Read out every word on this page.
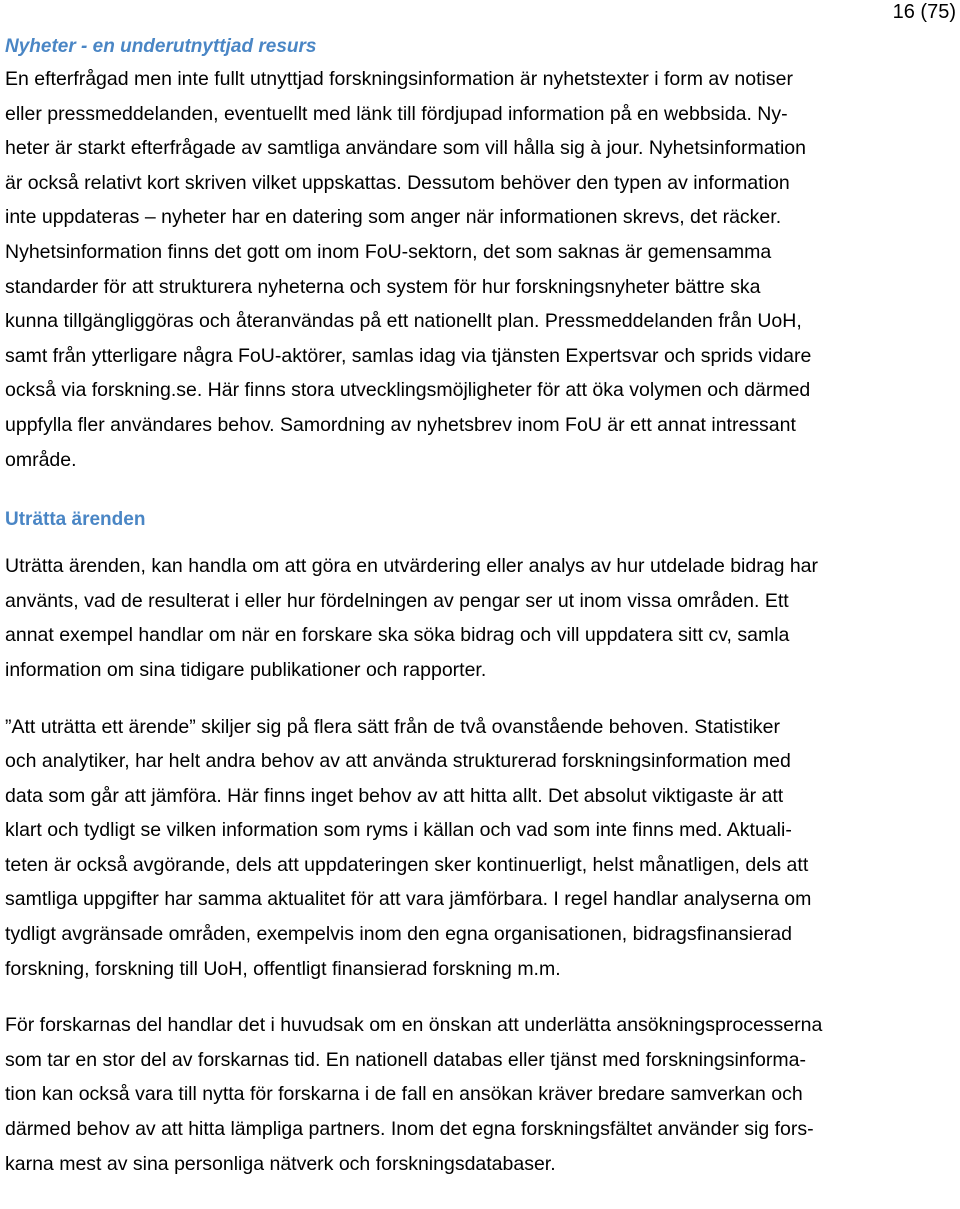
16 (75)
Nyheter - en underutnyttjad resurs

En efterfrågad men inte fullt utnyttjad forskningsinformation är nyhetstexter i form av notiser
eller pressmeddelanden, eventuellt med länk till fördjupad information på en webbsida. Ny-
heter är starkt efterfrågade av samtliga användare som vill hålla sig à jour. Nyhetsinformation
är också relativt kort skriven vilket uppskattas. Dessutom behöver den typen av information
inte uppdateras – nyheter har en datering som anger när informationen skrevs, det räcker.
Nyhetsinformation finns det gott om inom FoU-sektorn, det som saknas är gemensamma
standarder för att strukturera nyheterna och system för hur forskningsnyheter bättre ska
kunna tillgängliggöras och återanvändas på ett nationellt plan. Pressmeddelanden från UoH,
samt från ytterligare några FoU-aktörer, samlas idag via tjänsten Expertsvar och sprids vidare
också via forskning.se. Här finns stora utvecklingsmöjligheter för att öka volymen och därmed
uppfylla fler användares behov. Samordning av nyhetsbrev inom FoU är ett annat intressant
område.

Uträtta ärenden

Uträtta ärenden, kan handla om att göra en utvärdering eller analys av hur utdelade bidrag har
använts, vad de resulterat i eller hur fördelningen av pengar ser ut inom vissa områden. Ett
annat exempel handlar om när en forskare ska söka bidrag och vill uppdatera sitt cv, samla
information om sina tidigare publikationer och rapporter.

”Att uträtta ett ärende” skiljer sig på flera sätt från de två ovanstående behoven. Statistiker
och analytiker, har helt andra behov av att använda strukturerad forskningsinformation med
data som går att jämföra. Här finns inget behov av att hitta allt. Det absolut viktigaste är att
klart och tydligt se vilken information som ryms i källan och vad som inte finns med. Aktuali-
teten är också avgörande, dels att uppdateringen sker kontinuerligt, helst månatligen, dels att
samtliga uppgifter har samma aktualitet för att vara jämförbara. I regel handlar analyserna om
tydligt avgränsade områden, exempelvis inom den egna organisationen, bidragsfinansierad
forskning, forskning till UoH, offentligt finansierad forskning m.m.

För forskarnas del handlar det i huvudsak om en önskan att underlätta ansökningsprocesserna
som tar en stor del av forskarnas tid. En nationell databas eller tjänst med forskningsinforma-
tion kan också vara till nytta för forskarna i de fall en ansökan kräver bredare samverkan och
därmed behov av att hitta lämpliga partners. Inom det egna forskningsfältet använder sig fors-
karna mest av sina personliga nätverk och forskningsdatabaser.
